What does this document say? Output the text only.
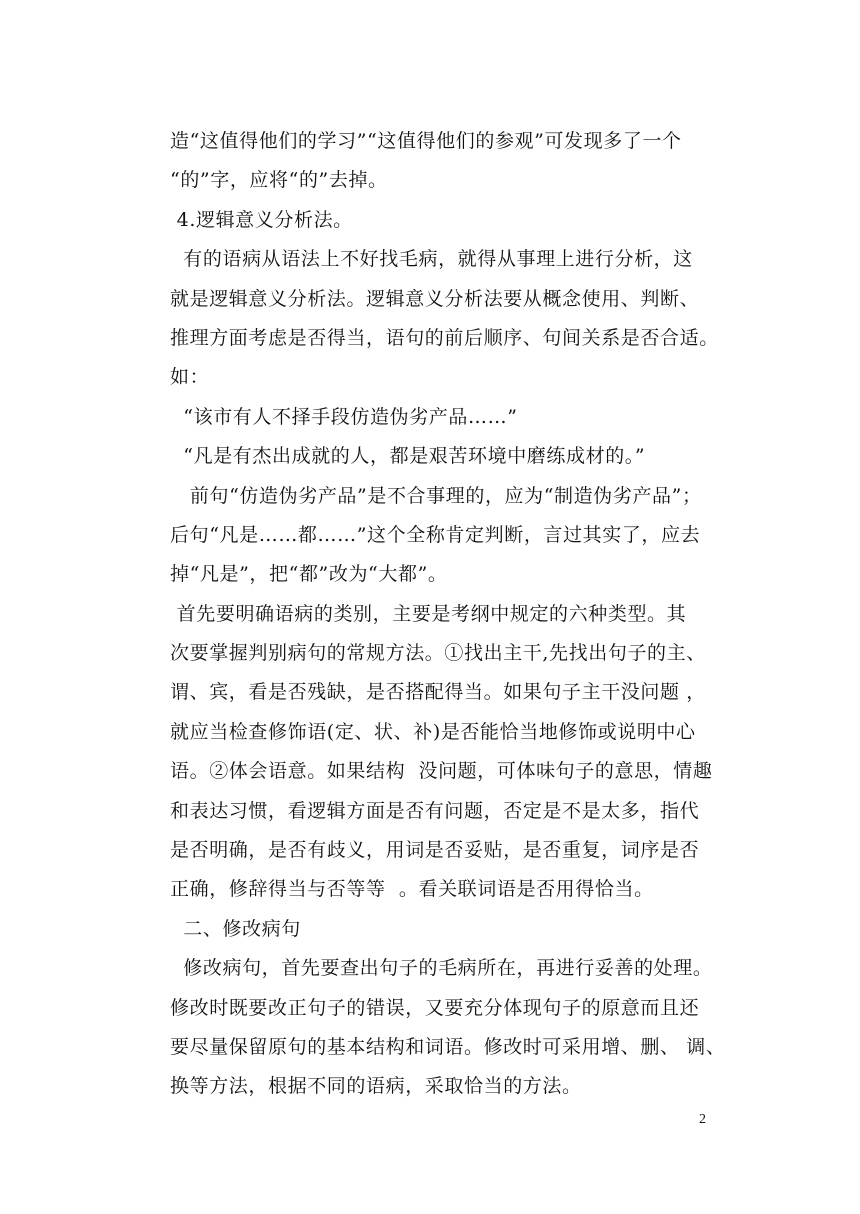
造“这值得他们的学习”“这值得他们的参观”可发现多了一个
“的”字，应将“的”去掉。
4.逻辑意义分析法。
有的语病从语法上不好找毛病，就得从事理上进行分析，这
就是逻辑意义分析法。逻辑意义分析法要从概念使用、判断、
推理方面考虑是否得当，语句的前后顺序、句间关系是否合适。
如：
“该市有人不择手段仿造伪劣产品……”
“凡是有杰出成就的人，都是艰苦环境中磨练成材的。”
前句“仿造伪劣产品”是不合事理的，应为“制造伪劣产品”；
后句“凡是……都……”这个全称肯定判断，言过其实了，应去
掉“凡是”，把“都”改为“大都”。
首先要明确语病的类别，主要是考纲中规定的六种类型。其
次要掌握判别病句的常规方法。①找出主干,先找出句子的主、
谓、宾，看是否残缺，是否搭配得当。如果句子主干没问题 ，
就应当检查修饰语(定、状、补)是否能恰当地修饰或说明中心
语。②体会语意。如果结构  没问题，可体味句子的意思，情趣
和表达习惯，看逻辑方面是否有问题，否定是不是太多，指代
是否明确，是否有歧义，用词是否妥贴，是否重复，词序是否
正确，修辞得当与否等等  。看关联词语是否用得恰当。
二、修改病句
修改病句，首先要查出句子的毛病所在，再进行妥善的处理。
修改时既要改正句子的错误，又要充分体现句子的原意而且还
要尽量保留原句的基本结构和词语。修改时可采用增、删、 调、
换等方法，根据不同的语病，采取恰当的方法。
2
